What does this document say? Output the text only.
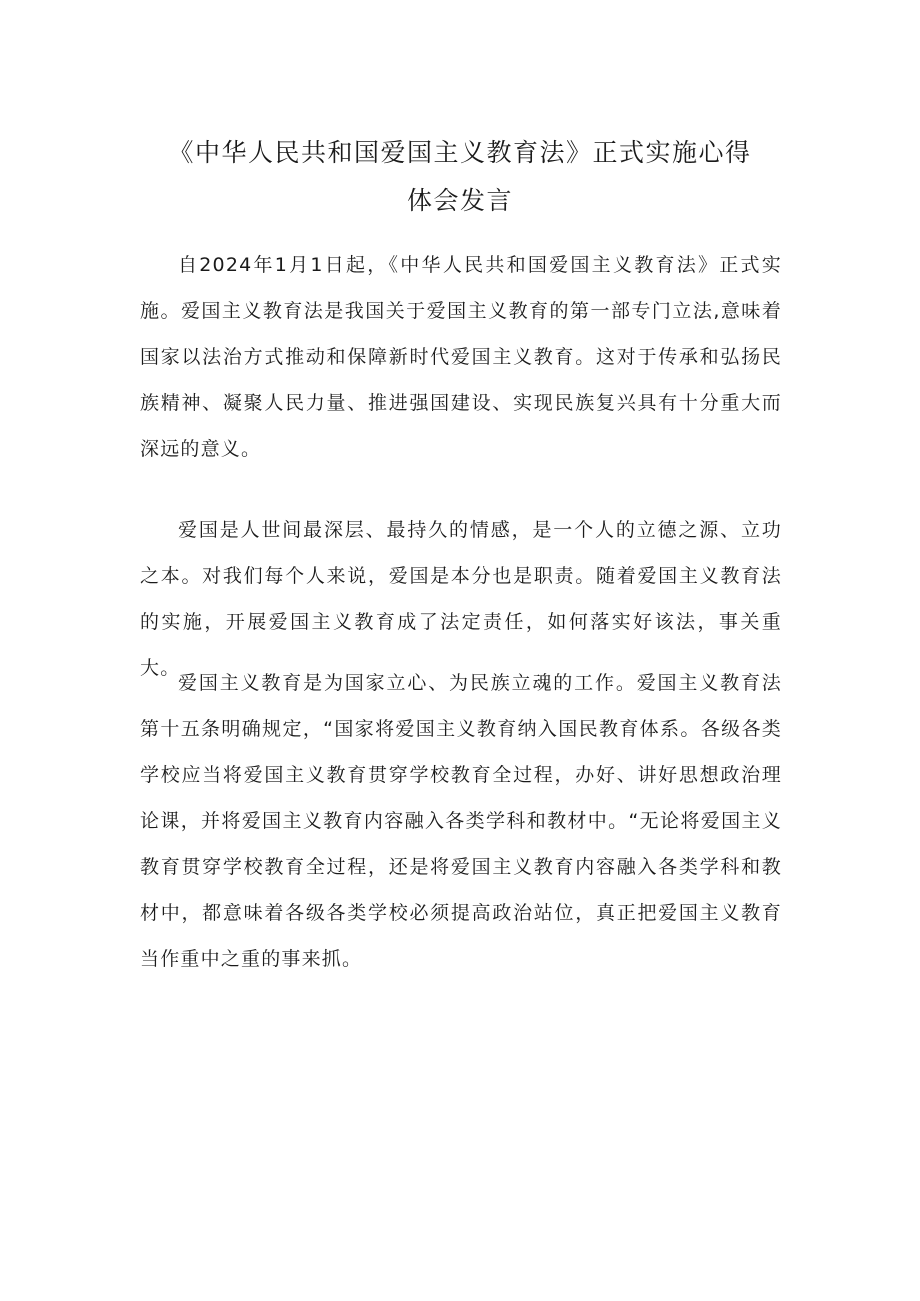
《中华人民共和国爱国主义教育法》正式实施心得
体会发言

自2024年1月1日起，《中华人民共和国爱国主义教育法》正式实施。爱国主义教育法是我国关于爱国主义教育的第一部专门立法,意味着国家以法治方式推动和保障新时代爱国主义教育。这对于传承和弘扬民族精神、凝聚人民力量、推进强国建设、实现民族复兴具有十分重大而深远的意义。

爱国是人世间最深层、最持久的情感，是一个人的立德之源、立功之本。对我们每个人来说，爱国是本分也是职责。随着爱国主义教育法的实施，开展爱国主义教育成了法定责任，如何落实好该法，事关重大。

爱国主义教育是为国家立心、为民族立魂的工作。爱国主义教育法第十五条明确规定，“国家将爱国主义教育纳入国民教育体系。各级各类学校应当将爱国主义教育贯穿学校教育全过程，办好、讲好思想政治理论课，并将爱国主义教育内容融入各类学科和教材中。“无论将爱国主义教育贯穿学校教育全过程，还是将爱国主义教育内容融入各类学科和教材中，都意味着各级各类学校必须提高政治站位，真正把爱国主义教育当作重中之重的事来抓。
